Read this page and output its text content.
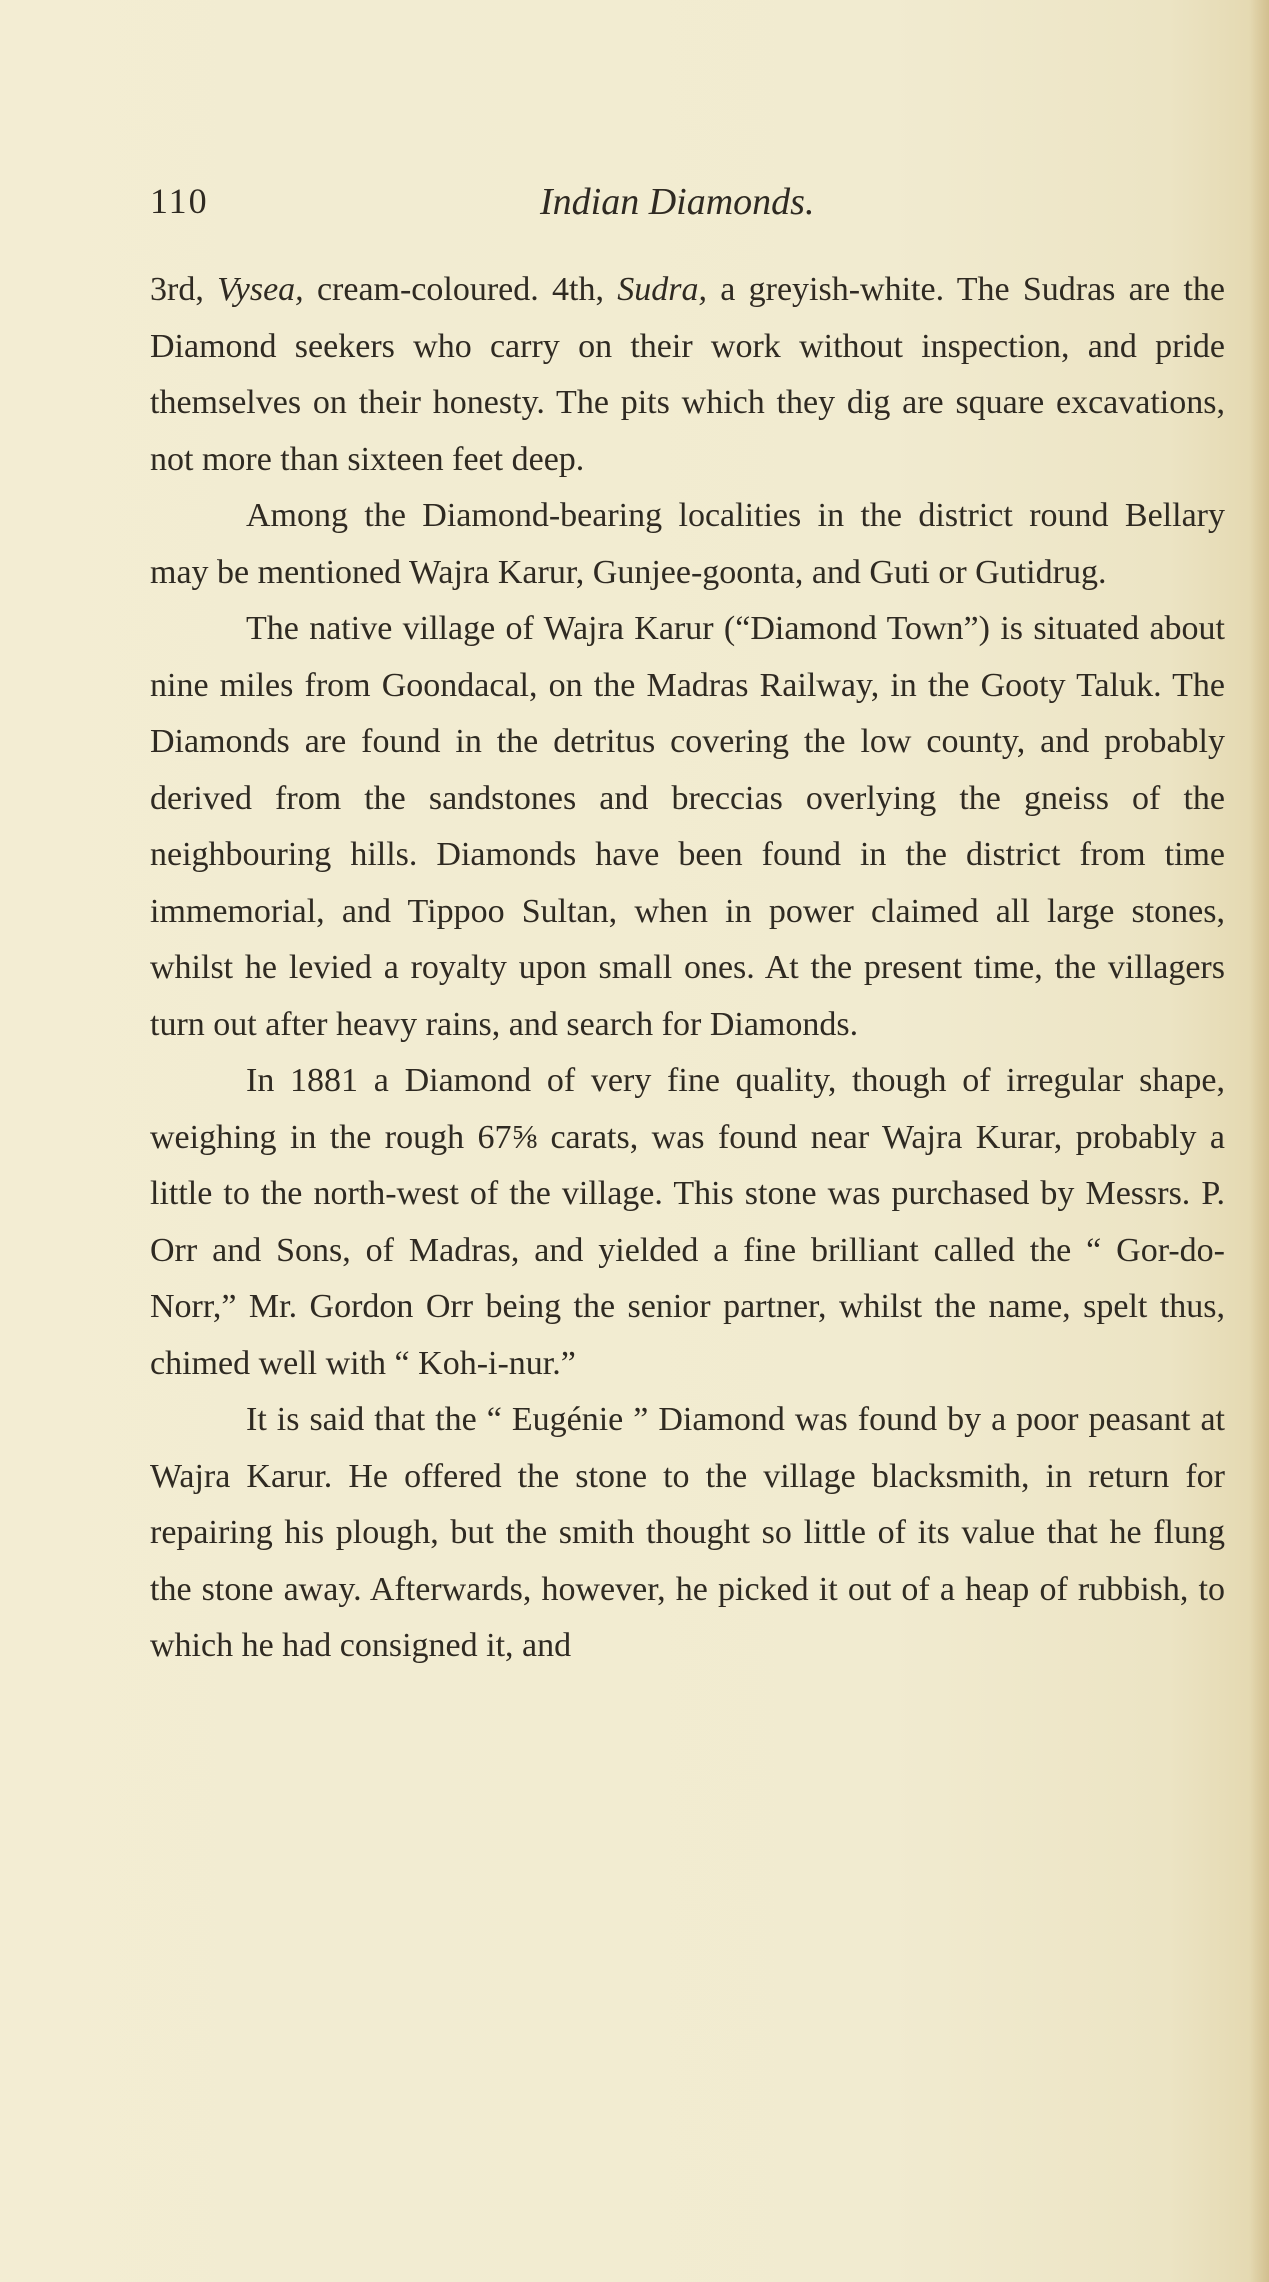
110	Indian Diamonds.

3rd, Vysea, cream-coloured. 4th, Sudra, a greyish-white. The Sudras are the Diamond seekers who carry on their work without inspection, and pride themselves on their honesty. The pits which they dig are square excavations, not more than sixteen feet deep.

Among the Diamond-bearing localities in the district round Bellary may be mentioned Wajra Karur, Gunjee-goonta, and Guti or Gutidrug.

The native village of Wajra Karur (“Diamond Town”) is situated about nine miles from Goondacal, on the Madras Railway, in the Gooty Taluk. The Diamonds are found in the detritus covering the low county, and probably derived from the sandstones and breccias overlying the gneiss of the neighbouring hills. Diamonds have been found in the district from time immemorial, and Tippoo Sultan, when in power claimed all large stones, whilst he levied a royalty upon small ones. At the present time, the villagers turn out after heavy rains, and search for Diamonds.

In 1881 a Diamond of very fine quality, though of irregular shape, weighing in the rough 67⅝ carats, was found near Wajra Kurar, probably a little to the north-west of the village. This stone was purchased by Messrs. P. Orr and Sons, of Madras, and yielded a fine brilliant called the “ Gor-do-Norr,” Mr. Gordon Orr being the senior partner, whilst the name, spelt thus, chimed well with “ Koh-i-nur.”

It is said that the “ Eugénie ” Diamond was found by a poor peasant at Wajra Karur. He offered the stone to the village blacksmith, in return for repairing his plough, but the smith thought so little of its value that he flung the stone away. Afterwards, however, he picked it out of a heap of rubbish, to which he had consigned it, and
